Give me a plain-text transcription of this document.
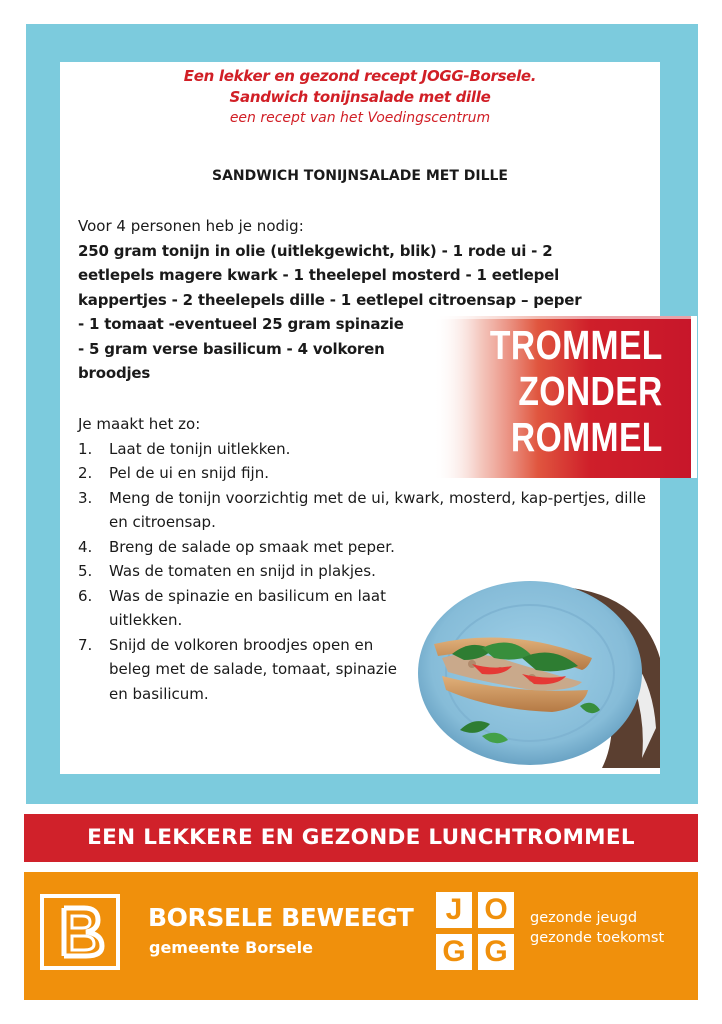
Een lekker en gezond recept JOGG-Borsele.
Sandwich tonijnsalade met dille
een recept van het Voedingscentrum
SANDWICH TONIJNSALADE MET DILLE

Voor 4 personen heb je nodig:

250 gram tonijn in olie (uitlekgewicht, blik) - 1 rode ui - 2
eetlepels magere kwark - 1 theelepel mosterd - 1 eetlepel
kappertjes - 2 theelepels dille - 1 eetlepel citroensap – peper
- 1 tomaat -eventueel 25 gram spinazie
- 5 gram verse basilicum - 4 volkoren
broodjes

Je maakt het zo:

1. Laat de tonijn uitlekken.
2. Pel de ui en snijd fijn.
3. Meng de tonijn voorzichtig met de ui, kwark, mosterd, kap-pertjes, dille en citroensap.
4. Breng de salade op smaak met peper.
5. Was de tomaten en snijd in plakjes.
6. Was de spinazie en basilicum en laat uitlekken.
7. Snijd de volkoren broodjes open en beleg met de salade, tomaat, spinazie en basilicum.
TROMMEL
ZONDER
ROMMEL
EEN LEKKERE EN GEZONDE LUNCHTROMMEL
BORSELE BEWEEGT
gemeente Borsele
J O
G G
gezonde jeugd
gezonde toekomst
